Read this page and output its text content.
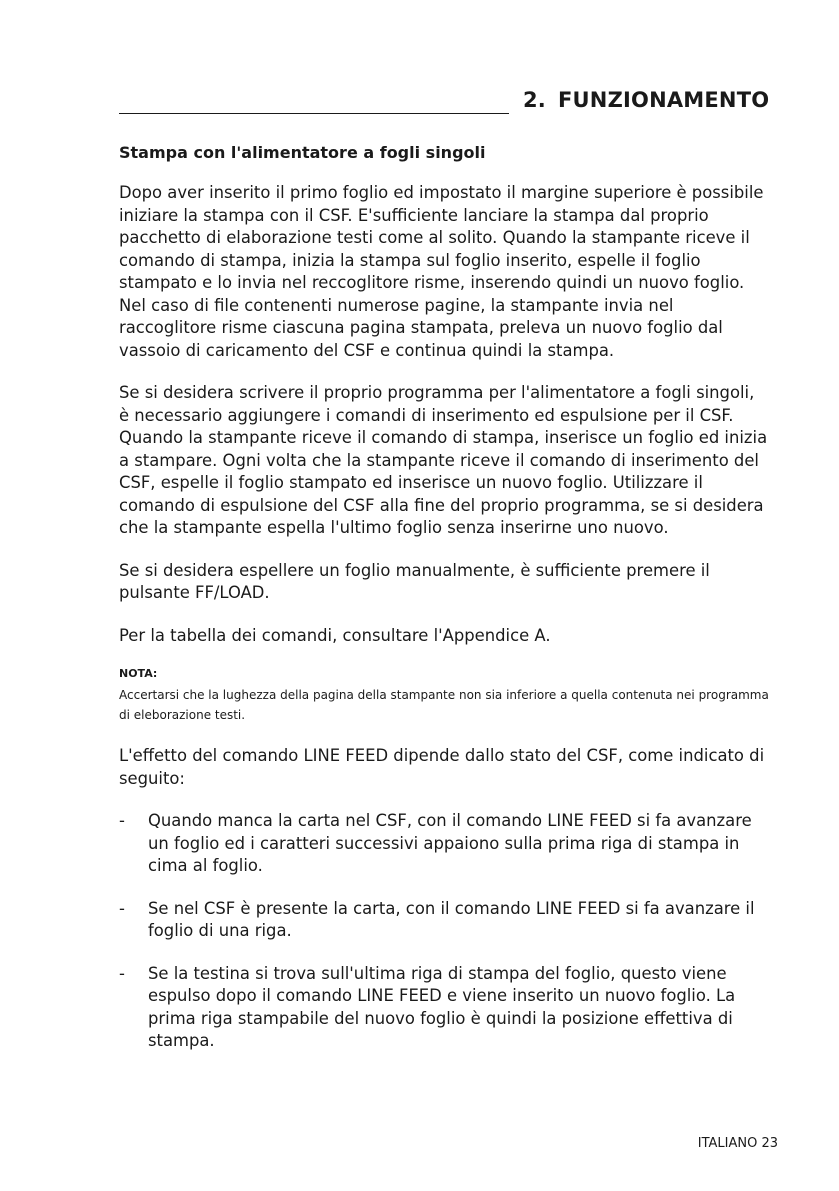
2. FUNZIONAMENTO
Stampa con l'alimentatore a fogli singoli

Dopo aver inserito il primo foglio ed impostato il margine superiore è possibile iniziare la stampa con il CSF. E'sufficiente lanciare la stampa dal proprio pacchetto di elaborazione testi come al solito. Quando la stampante riceve il comando di stampa, inizia la stampa sul foglio inserito, espelle il foglio stampato e lo invia nel reccoglitore risme, inserendo quindi un nuovo foglio. Nel caso di file contenenti numerose pagine, la stampante invia nel raccoglitore risme ciascuna pagina stampata, preleva un nuovo foglio dal vassoio di caricamento del CSF e continua quindi la stampa.

Se si desidera scrivere il proprio programma per l'alimentatore a fogli singoli, è necessario aggiungere i comandi di inserimento ed espulsione per il CSF. Quando la stampante riceve il comando di stampa, inserisce un foglio ed inizia a stampare. Ogni volta che la stampante riceve il comando di inserimento del CSF, espelle il foglio stampato ed inserisce un nuovo foglio. Utilizzare il comando di espulsione del CSF alla fine del proprio programma, se si desidera che la stampante espella l'ultimo foglio senza inserirne uno nuovo.

Se si desidera espellere un foglio manualmente, è sufficiente premere il pulsante FF/LOAD.

Per la tabella dei comandi, consultare l'Appendice A.

NOTA:
Accertarsi che la lughezza della pagina della stampante non sia inferiore a quella contenuta nei programma di eleborazione testi.

L'effetto del comando LINE FEED dipende dallo stato del CSF, come indicato di seguito:

- Quando manca la carta nel CSF, con il comando LINE FEED si fa avanzare un foglio ed i caratteri successivi appaiono sulla prima riga di stampa in cima al foglio.
- Se nel CSF è presente la carta, con il comando LINE FEED si fa avanzare il foglio di una riga.
- Se la testina si trova sull'ultima riga di stampa del foglio, questo viene espulso dopo il comando LINE FEED e viene inserito un nuovo foglio. La prima riga stampabile del nuovo foglio è quindi la posizione effettiva di stampa.
ITALIANO 23
